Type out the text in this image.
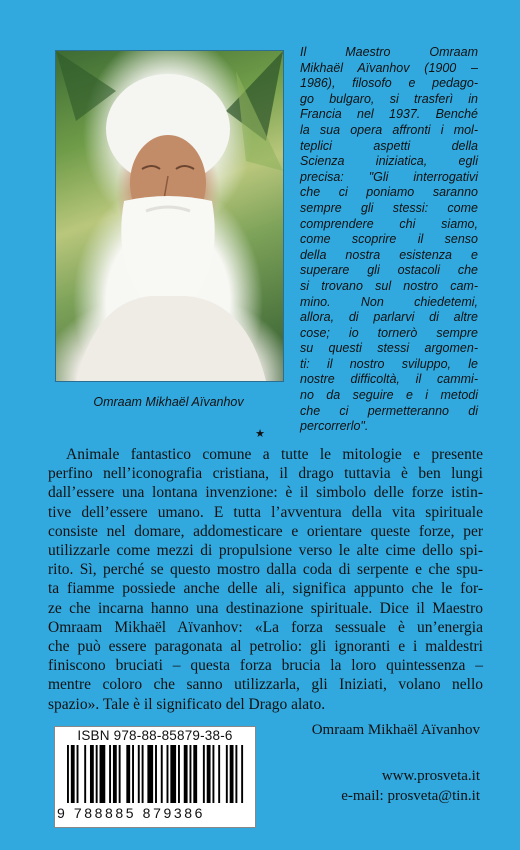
Omraam Mikhaël Aïvanhov
Il Maestro Omraam
Mikhaël Aïvanhov (1900 –
1986), filosofo e pedago-
go bulgaro, si trasferì in
Francia nel 1937. Benché
la sua opera affronti i mol-
teplici aspetti della
Scienza iniziatica, egli
precisa: "Gli interrogativi
che ci poniamo saranno
sempre gli stessi: come
comprendere chi siamo,
come scoprire il senso
della nostra esistenza e
superare gli ostacoli che
si trovano sul nostro cam-
mino. Non chiedetemi,
allora, di parlarvi di altre
cose; io tornerò sempre
su questi stessi argomen-
ti: il nostro sviluppo, le
nostre difficoltà, il cammi-
no da seguire e i metodi
che ci permetteranno di
percorrerlo".
★
Animale fantastico comune a tutte le mitologie e presente
perfino nell’iconografia cristiana, il drago tuttavia è ben lungi
dall’essere una lontana invenzione: è il simbolo delle forze istin-
tive dell’essere umano. E tutta l’avventura della vita spirituale
consiste nel domare, addomesticare e orientare queste forze, per
utilizzarle come mezzi di propulsione verso le alte cime dello spi-
rito. Sì, perché se questo mostro dalla coda di serpente e che spu-
ta fiamme possiede anche delle ali, significa appunto che le for-
ze che incarna hanno una destinazione spirituale. Dice il Maestro
Omraam Mikhaël Aïvanhov: «La forza sessuale è un’energia
che può essere paragonata al petrolio: gli ignoranti e i maldestri
finiscono bruciati – questa forza brucia la loro quintessenza –
mentre coloro che sanno utilizzarla, gli Iniziati, volano nello
spazio». Tale è il significato del Drago alato.
Omraam Mikhaël Aïvanhov
ISBN 978-88-85879-38-6
9 788885 879386
www.prosveta.it
e-mail: prosveta@tin.it
